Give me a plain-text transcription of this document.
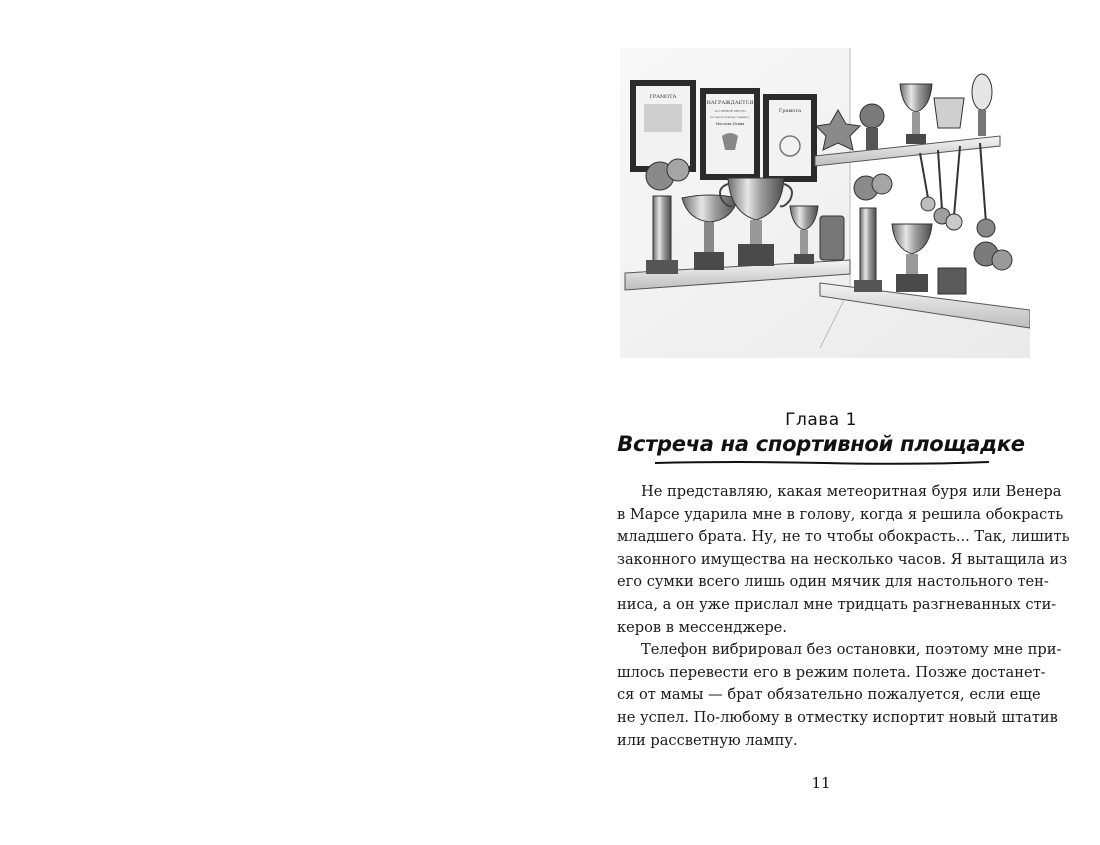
ГРАМОТА
НАГРАЖДАЕТСЯ
ЗА ПЕРВОЕ МЕСТО
по настольному теннису
Маслова Иския
Грамота
Глава 1
Встреча на спортивной площадке
Не представляю, какая метеоритная буря или Венера
в Марсе ударила мне в голову, когда я решила обокрасть
младшего брата. Ну, не то чтобы обокрасть... Так, лишить
законного имущества на несколько часов. Я вытащила из
его сумки всего лишь один мячик для настольного тен-
ниса, а он уже прислал мне тридцать разгневанных сти-
керов в мессенджере.
Телефон вибрировал без остановки, поэтому мне при-
шлось перевести его в режим полета. Позже достанет-
ся от мамы — брат обязательно пожалуется, если еще
не успел. По-любому в отместку испортит новый штатив
или рассветную лампу.
11
